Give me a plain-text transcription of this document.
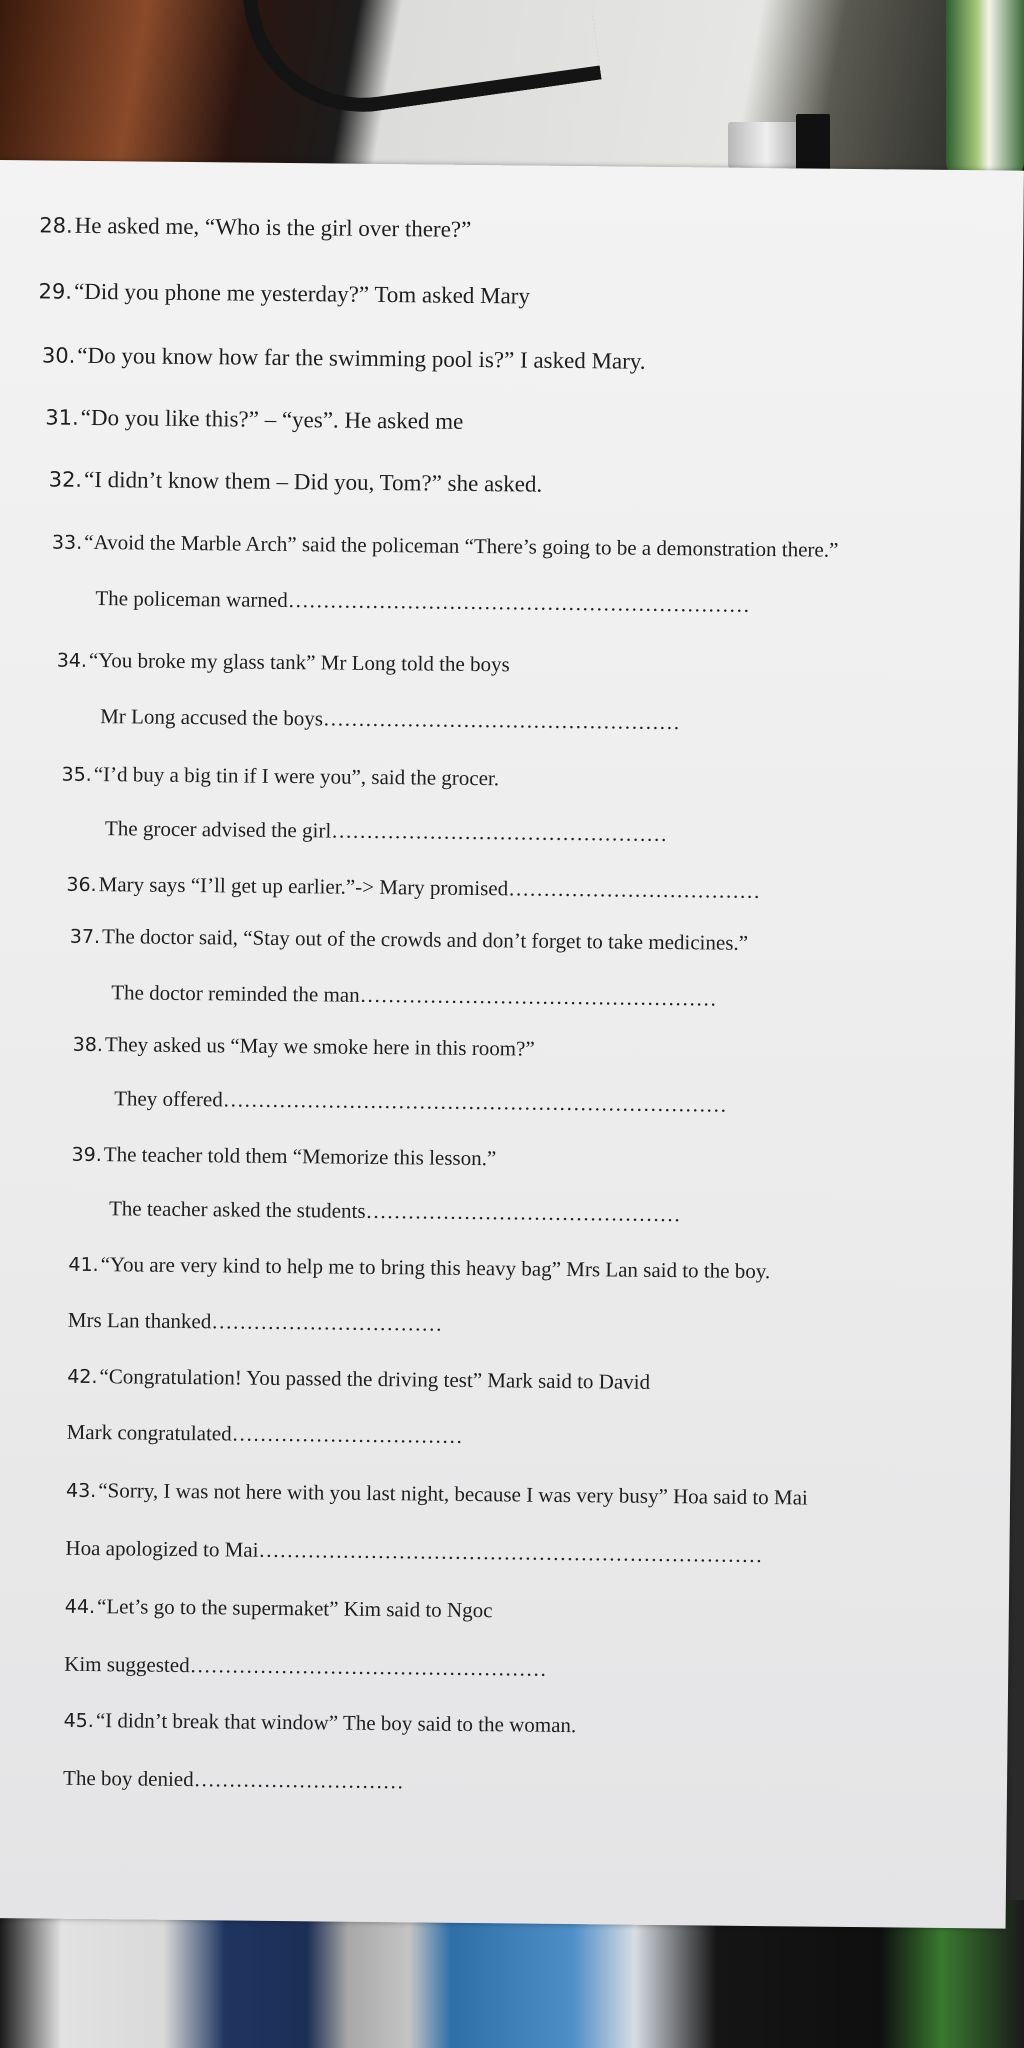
28.He asked me, “Who is the girl over there?”
29.“Did you phone me yesterday?” Tom asked Mary
30.“Do you know how far the swimming pool is?” I asked Mary.
31.“Do you like this?” – “yes”. He asked me
32.“I didn’t know them – Did you, Tom?” she asked.
33.“Avoid the Marble Arch” said the policeman “There’s going to be a demonstration there.”
The policeman warned…………………………………………………………
34.“You broke my glass tank” Mr Long told the boys
Mr Long accused the boys……………………………………………
35.“I’d buy a big tin if I were you”, said the grocer.
The grocer advised the girl…………………………………………
36.Mary says “I’ll get up earlier.”-> Mary promised………………………………
37.The doctor said, “Stay out of the crowds and don’t forget to take medicines.”
The doctor reminded the man……………………………………………
38.They asked us “May we smoke here in this room?”
They offered………………………………………………………………
39.The teacher told them “Memorize this lesson.”
The teacher asked the students………………………………………
41.“You are very kind to help me to bring this heavy bag” Mrs Lan said to the boy.
Mrs Lan thanked……………………………
42.“Congratulation! You passed the driving test” Mark said to David
Mark congratulated……………………………
43.“Sorry, I was not here with you last night, because I was very busy” Hoa said to Mai
Hoa apologized to Mai………………………………………………………………
44.“Let’s go to the supermaket” Kim said to Ngoc
Kim suggested……………………………………………
45.“I didn’t break that window” The boy said to the woman.
The boy denied…………………………
